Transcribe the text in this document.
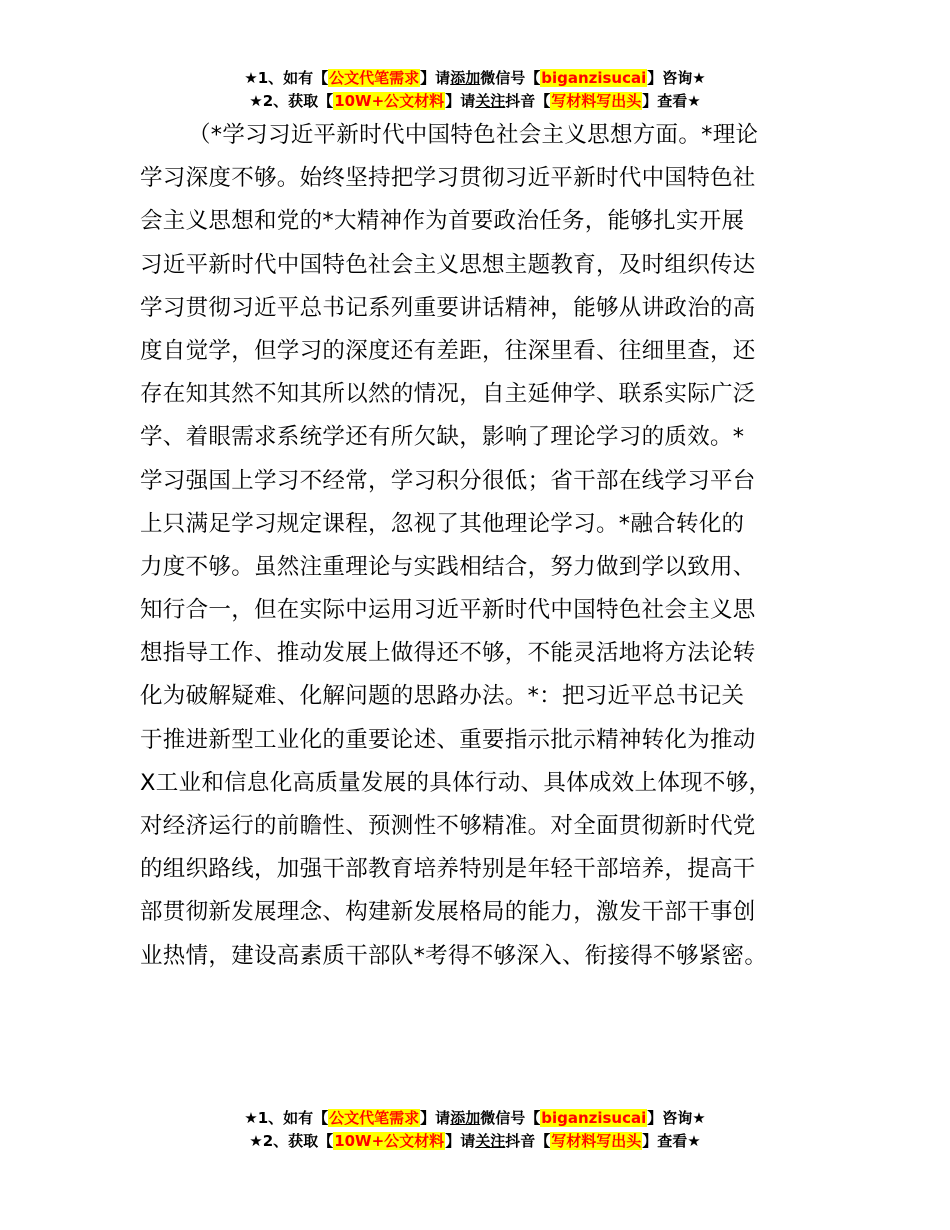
★1、如有【公文代笔需求】请添加微信号【biganzisucai】咨询★
★2、获取【10W+公文材料】请关注抖音【写材料写出头】查看★
（*学习习近平新时代中国特色社会主义思想方面。*理论
学习深度不够。始终坚持把学习贯彻习近平新时代中国特色社
会主义思想和党的*大精神作为首要政治任务，能够扎实开展
习近平新时代中国特色社会主义思想主题教育，及时组织传达
学习贯彻习近平总书记系列重要讲话精神，能够从讲政治的高
度自觉学，但学习的深度还有差距，往深里看、往细里查，还
存在知其然不知其所以然的情况，自主延伸学、联系实际广泛
学、着眼需求系统学还有所欠缺，影响了理论学习的质效。*
学习强国上学习不经常，学习积分很低；省干部在线学习平台
上只满足学习规定课程，忽视了其他理论学习。*融合转化的
力度不够。虽然注重理论与实践相结合，努力做到学以致用、
知行合一，但在实际中运用习近平新时代中国特色社会主义思
想指导工作、推动发展上做得还不够，不能灵活地将方法论转
化为破解疑难、化解问题的思路办法。*：把习近平总书记关
于推进新型工业化的重要论述、重要指示批示精神转化为推动
X工业和信息化高质量发展的具体行动、具体成效上体现不够，
对经济运行的前瞻性、预测性不够精准。对全面贯彻新时代党
的组织路线，加强干部教育培养特别是年轻干部培养，提高干
部贯彻新发展理念、构建新发展格局的能力，激发干部干事创
业热情，建设高素质干部队*考得不够深入、衔接得不够紧密。
★1、如有【公文代笔需求】请添加微信号【biganzisucai】咨询★
★2、获取【10W+公文材料】请关注抖音【写材料写出头】查看★
